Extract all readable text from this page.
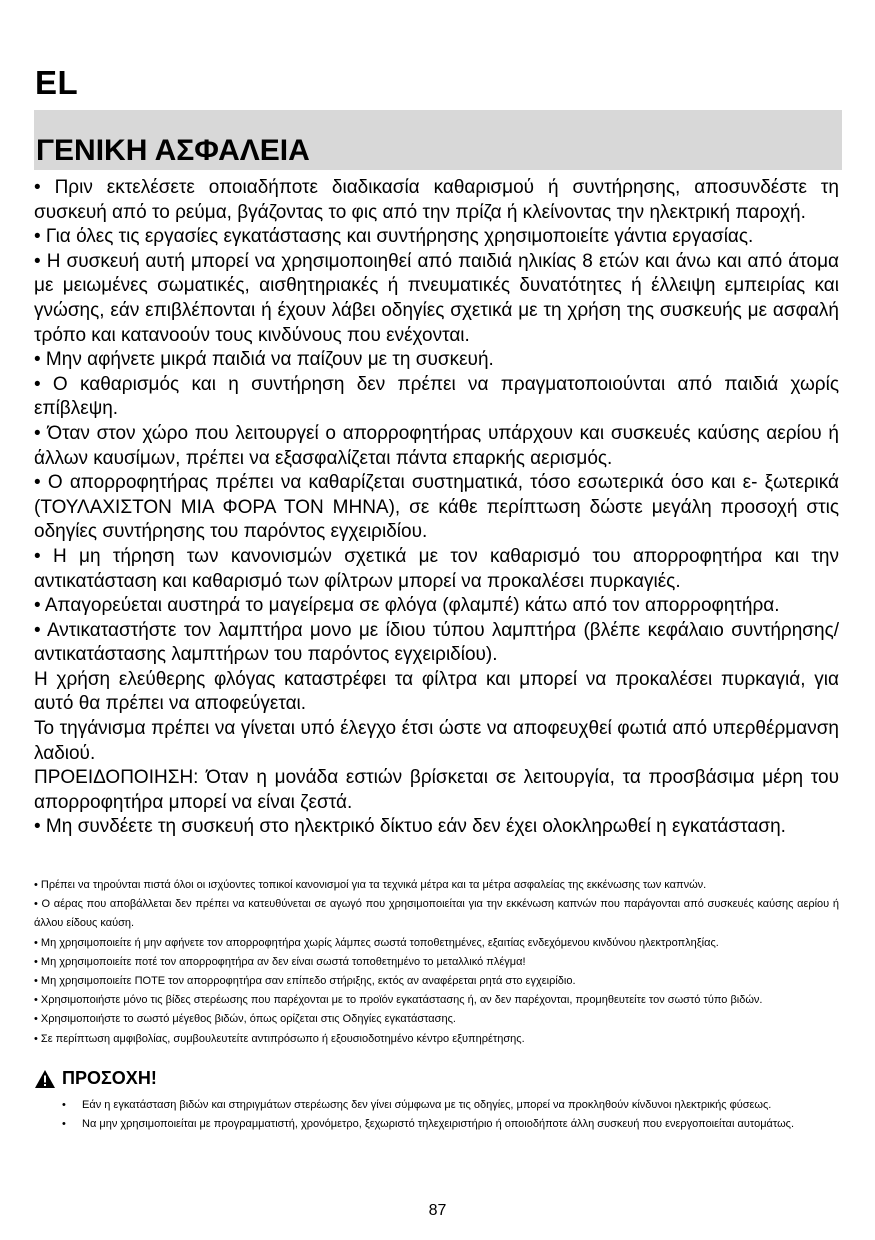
EL
ΓΕΝΙΚΗ ΑΣΦΑΛΕΙΑ

• Πριν εκτελέσετε οποιαδήποτε διαδικασία καθαρισμού ή συντήρησης, αποσυνδέστε τη συσκευή από το ρεύμα, βγάζοντας το φις από την πρίζα ή κλείνοντας την ηλεκτρική παροχή.

• Για όλες τις εργασίες εγκατάστασης και συντήρησης χρησιμοποιείτε γάντια εργασίας.

• Η συσκευή αυτή μπορεί να χρησιμοποιηθεί από παιδιά ηλικίας 8 ετών και άνω και από άτομα με μειωμένες σωματικές, αισθητηριακές ή πνευματικές δυνατότητες ή έλλειψη εμπειρίας και γνώσης, εάν επιβλέπονται ή έχουν λάβει οδηγίες σχετικά με τη χρήση της συσκευής με ασφαλή τρόπο και κατανοούν τους κινδύνους που ενέχονται.

• Μην αφήνετε μικρά παιδιά να παίζουν με τη συσκευή.

• Ο καθαρισμός και η συντήρηση δεν πρέπει να πραγματοποιούνται από παιδιά χωρίς επίβλεψη.

• Όταν στον χώρο που λειτουργεί ο απορροφητήρας υπάρχουν και συσκευές καύσης αερίου ή άλλων καυσίμων, πρέπει να εξασφαλίζεται πάντα επαρκής αερισμός.

• Ο απορροφητήρας πρέπει να καθαρίζεται συστηματικά, τόσο εσωτερικά όσο και ε- ξωτερικά (ΤΟΥΛΑΧΙΣΤΟΝ ΜΙΑ ΦΟΡΑ ΤΟΝ ΜΗΝΑ), σε κάθε περίπτωση δώστε μεγάλη προσοχή στις οδηγίες συντήρησης του παρόντος εγχειριδίου.

• Η μη τήρηση των κανονισμών σχετικά με τον καθαρισμό του απορροφητήρα και την αντικατάσταση και καθαρισμό των φίλτρων μπορεί να προκαλέσει πυρκαγιές.

• Απαγορεύεται αυστηρά το μαγείρεμα σε φλόγα (φλαμπέ) κάτω από τον απορροφητήρα.

• Αντικαταστήστε τον λαμπτήρα μονο με ίδιου τύπου λαμπτήρα (βλέπε κεφάλαιο συντήρησης/αντικατάστασης λαμπτήρων του παρόντος εγχειριδίου).

Η χρήση ελεύθερης φλόγας καταστρέφει τα φίλτρα και μπορεί να προκαλέσει πυρκαγιά, για αυτό θα πρέπει να αποφεύγεται.

Το τηγάνισμα πρέπει να γίνεται υπό έλεγχο έτσι ώστε να αποφευχθεί φωτιά από υπερθέρμανση λαδιού.

ΠΡΟΕΙΔΟΠΟΙΗΣΗ: Όταν η μονάδα εστιών βρίσκεται σε λειτουργία, τα προσβάσιμα μέρη του απορροφητήρα μπορεί να είναι ζεστά.

• Μη συνδέετε τη συσκευή στο ηλεκτρικό δίκτυο εάν δεν έχει ολοκληρωθεί η εγκατάσταση.

• Πρέπει να τηρούνται πιστά όλοι οι ισχύοντες τοπικοί κανονισμοί για τα τεχνικά μέτρα και τα μέτρα ασφαλείας της εκκένωσης των καπνών.

• Ο αέρας που αποβάλλεται δεν πρέπει να κατευθύνεται σε αγωγό που χρησιμοποιείται για την εκκένωση καπνών που παράγονται από συσκευές καύσης αερίου ή άλλου είδους καύση.

• Μη χρησιμοποιείτε ή μην αφήνετε τον απορροφητήρα χωρίς λάμπες σωστά τοποθετημένες, εξαιτίας ενδεχόμενου κινδύνου ηλεκτροπληξίας.

• Μη χρησιμοποιείτε ποτέ τον απορροφητήρα αν δεν είναι σωστά τοποθετημένο το μεταλλικό πλέγμα!

• Μη χρησιμοποιείτε ΠΟΤΕ τον απορροφητήρα σαν επίπεδο στήριξης, εκτός αν αναφέρεται ρητά στο εγχειρίδιο.

• Χρησιμοποιήστε μόνο τις βίδες στερέωσης που παρέχονται με το προϊόν εγκατάστασης ή, αν δεν παρέχονται, προμηθευτείτε τον σωστό τύπο βιδών.

• Χρησιμοποιήστε το σωστό μέγεθος βιδών, όπως ορίζεται στις Οδηγίες εγκατάστασης.

• Σε περίπτωση αμφιβολίας, συμβουλευτείτε αντιπρόσωπο ή εξουσιοδοτημένο κέντρο εξυπηρέτησης.

ΠΡΟΣΟΧΗ!
• Εάν η εγκατάσταση βιδών και στηριγμάτων στερέωσης δεν γίνει σύμφωνα με τις οδηγίες, μπορεί να προκληθούν κίνδυνοι ηλεκτρικής φύσεως.
• Να μην χρησιμοποιείται με προγραμματιστή, χρονόμετρο, ξεχωριστό τηλεχειριστήριο ή οποιοδήποτε άλλη συσκευή που ενεργοποιείται αυτομάτως.
87
